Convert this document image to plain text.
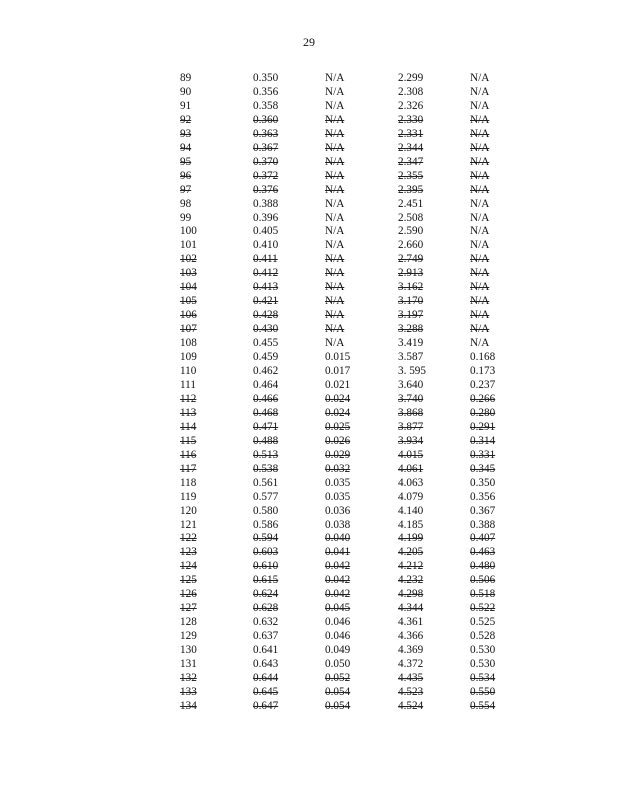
29
89	0.350	N/A	2.299	N/A
90	0.356	N/A	2.308	N/A
91	0.358	N/A	2.326	N/A
92	0.360	N/A	2.330	N/A
93	0.363	N/A	2.331	N/A
94	0.367	N/A	2.344	N/A
95	0.370	N/A	2.347	N/A
96	0.372	N/A	2.355	N/A
97	0.376	N/A	2.395	N/A
98	0.388	N/A	2.451	N/A
99	0.396	N/A	2.508	N/A
100	0.405	N/A	2.590	N/A
101	0.410	N/A	2.660	N/A
102	0.411	N/A	2.749	N/A
103	0.412	N/A	2.913	N/A
104	0.413	N/A	3.162	N/A
105	0.421	N/A	3.170	N/A
106	0.428	N/A	3.197	N/A
107	0.430	N/A	3.288	N/A
108	0.455	N/A	3.419	N/A
109	0.459	0.015	3.587	0.168
110	0.462	0.017	3. 595	0.173
111	0.464	0.021	3.640	0.237
112	0.466	0.024	3.740	0.266
113	0.468	0.024	3.868	0.280
114	0.471	0.025	3.877	0.291
115	0.488	0.026	3.934	0.314
116	0.513	0.029	4.015	0.331
117	0.538	0.032	4.061	0.345
118	0.561	0.035	4.063	0.350
119	0.577	0.035	4.079	0.356
120	0.580	0.036	4.140	0.367
121	0.586	0.038	4.185	0.388
122	0.594	0.040	4.199	0.407
123	0.603	0.041	4.205	0.463
124	0.610	0.042	4.212	0.480
125	0.615	0.042	4.232	0.506
126	0.624	0.042	4.298	0.518
127	0.628	0.045	4.344	0.522
128	0.632	0.046	4.361	0.525
129	0.637	0.046	4.366	0.528
130	0.641	0.049	4.369	0.530
131	0.643	0.050	4.372	0.530
132	0.644	0.052	4.435	0.534
133	0.645	0.054	4.523	0.550
134	0.647	0.054	4.524	0.554
